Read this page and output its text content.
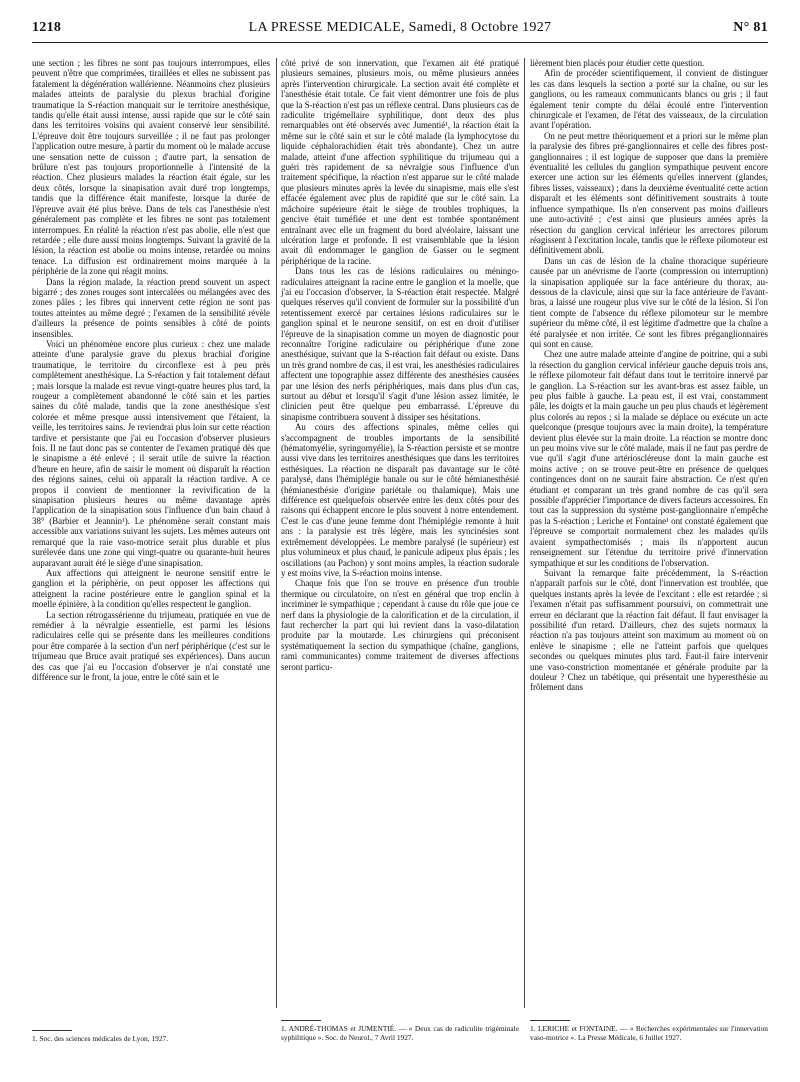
1218	LA PRESSE MEDICALE, Samedi, 8 Octobre 1927	N° 81

une section ; les fibres ne sont pas toujours interrompues, elles peuvent n'être que comprimées, tiraillées et elles ne subissent pas fatalement la dégénération wallérienne. Néanmoins chez plusieurs malades atteints de paralysie du plexus brachial d'origine traumatique la S-réaction manquait sur le territoire anesthésique, tandis qu'elle était aussi intense, aussi rapide que sur le côté sain dans les territoires voisins qui avaient conservé leur sensibilité. L'épreuve doit être toujours surveillée ; il ne faut pas prolonger l'application outre mesure, à partir du moment où le malade accuse une sensation nette de cuisson ; d'autre part, la sensation de brûlure n'est pas toujours proportionnelle à l'intensité de la réaction. Chez plusieurs malades la réaction était égale, sur les deux côtés, lorsque la sinapisation avait duré trop longtemps, tandis que la différence était manifeste, lorsque la durée de l'épreuve avait été plus brève. Dans de tels cas l'anesthésie n'est généralement pas complète et les fibres ne sont pas totalement interrompues. En réalité la réaction n'est pas abolie, elle n'est que retardée ; elle dure aussi moins longtemps. Suivant la gravité de la lésion, la réaction est abolie ou moins intense, retardée ou moins tenace. La diffusion est ordinairement moins marquée à la périphérie de la zone qui réagit moins.

Dans la région malade, la réaction prend souvent un aspect bigarré ; des zones rouges sont intercalées ou mélangées avec des zones pâles ; les fibres qui innervent cette région ne sont pas toutes atteintes au même degré ; l'examen de la sensibilité révèle d'ailleurs la présence de points sensibles à côté de points insensibles.

Voici un phénomène encore plus curieux : chez une malade atteinte d'une paralysie grave du plexus brachial d'origine traumatique, le territoire du circonflexe est à peu près complètement anesthésique. La S-réaction y fait totalement défaut ; mais lorsque la malade est revue vingt-quatre heures plus tard, la rougeur a complètement abandonné le côté sain et les parties saines du côté malade, tandis que la zone anesthésique s'est colorée et même presque aussi intensivement que l'étaient, la veille, les territoires sains. Je reviendrai plus loin sur cette réaction tardive et persistante que j'ai eu l'occasion d'observer plusieurs fois. Il ne faut donc pas se contenter de l'examen pratiqué dès que le sinapisme a été enlevé ; il serait utile de suivre la réaction d'heure en heure, afin de saisir le moment où disparaît la réaction des régions saines, celui où apparaît la réaction tardive. A ce propos il convient de mentionner la revivification de la sinapisation plusieurs heures ou même davantage après l'application de la sinapisation sous l'influence d'un bain chaud à 38° (Barbier et Jeannin¹). Le phénomène serait constant mais accessible aux variations suivant les sujets. Les mêmes auteurs ont remarqué que la raie vaso-motrice serait plus durable et plus surélevée dans une zone qui vingt-quatre ou quarante-huit heures auparavant aurait été le siège d'une sinapisation.

Aux affections qui atteignent le neurone sensitif entre le ganglion et la périphérie, on peut opposer les affections qui atteignent la racine postérieure entre le ganglion spinal et la moelle épinière, à la condition qu'elles respectent le ganglion.

La section rétrogassérienne du trijumeau, pratiquée en vue de remédier à la névralgie essentielle, est parmi les lésions radiculaires celle qui se présente dans les meilleures conditions pour être comparée à la section d'un nerf périphérique (c'est sur le trijumeau que Bruce avait pratiqué ses expériences). Dans aucun des cas que j'ai eu l'occasion d'observer je n'ai constaté une différence sur le front, la joue, entre le côté sain et le

côté privé de son innervation, que l'examen ait été pratiqué plusieurs semaines, plusieurs mois, ou même plusieurs années après l'intervention chirurgicale. La section avait été complète et l'anesthésie était totale. Ce fait vient démontrer une fois de plus que la S-réaction n'est pas un réflexe central. Dans plusieurs cas de radiculite trigémellaire syphilitique, dont deux des plus remarquables ont été observés avec Jumentié¹, la réaction était la même sur le côté sain et sur le côté malade (la lymphocytose du liquide céphalorachidien était très abondante). Chez un autre malade, atteint d'une affection syphilitique du trijumeau qui a guéri très rapidement de sa névralgie sous l'influence d'un traitement spécifique, la réaction n'est apparue sur le côté malade que plusieurs minutes après la levée du sinapisme, mais elle s'est effacée également avec plus de rapidité que sur le côté sain. La mâchoire supérieure était le siège de troubles trophiques, la gencive était tuméfiée et une dent est tombée spontanément entraînant avec elle un fragment du bord alvéolaire, laissant une ulcération large et profonde. Il est vraisemblable que la lésion avait dû endommager le ganglion de Gasser ou le segment périphérique de la racine.

Dans tous les cas de lésions radiculaires ou méningo-radiculaires atteignant la racine entre le ganglion et la moelle, que j'ai eu l'occasion d'observer, la S-réaction était respectée. Malgré quelques réserves qu'il convient de formuler sur la possibilité d'un retentissement exercé par certaines lésions radiculaires sur le ganglion spinal et le neurone sensitif, on est en droit d'utiliser l'épreuve de la sinapisation comme un moyen de diagnostic pour reconnaître l'origine radiculaire ou périphérique d'une zone anesthésique, suivant que la S-réaction fait défaut ou existe. Dans un très grand nombre de cas, il est vrai, les anesthésies radiculaires affectent une topographie assez différente des anesthésies causées par une lésion des nerfs périphériques, mais dans plus d'un cas, surtout au début et lorsqu'il s'agit d'une lésion assez limitée, le clinicien peut être quelque peu embarrassé. L'épreuve du sinapisme contribuera souvent à dissiper ses hésitations.

Au cours des affections spinales, même celles qui s'accompagnent de troubles importants de la sensibilité (hématomyélie, syringomyélie), la S-réaction persiste et se montre aussi vive dans les territoires anesthésiques que dans les territoires esthésiques. La réaction ne disparaît pas davantage sur le côté paralysé, dans l'hémiplégie banale ou sur le côté hémianesthésié (hémianesthésie d'origine pariétale ou thalamique). Mais une différence est quelquefois observée entre les deux côtés pour des raisons qui échappent encore le plus souvent à notre entendement. C'est le cas d'une jeune femme dont l'hémiplégie remonte à huit ans : la paralysie est très légère, mais les syncinésies sont extrêmement développées. Le membre paralysé (le supérieur) est plus volumineux et plus chaud, le panicule adipeux plus épais ; les oscillations (au Pachon) y sont moins amples, la réaction sudorale y est moins vive, la S-réaction moins intense.

Chaque fois que l'on se trouve en présence d'un trouble thermique ou circulatoire, on n'est en général que trop enclin à incriminer le sympathique ; cependant à cause du rôle que joue ce nerf dans la physiologie de la calorification et de la circulation, il faut rechercher la part qui lui revient dans la vaso-dilatation produite par la moutarde. Les chirurgiens qui préconisent systématiquement la section du sympathique (chaîne, ganglions, rami communicantes) comme traitement de diverses affections seront particu-

lièrement bien placés pour étudier cette question.

Afin de procéder scientifiquement, il convient de distinguer les cas dans lesquels la section a porté sur la chaîne, ou sur les ganglions, ou les rameaux communicants blancs ou gris ; il faut également tenir compte du délai écoulé entre l'intervention chirurgicale et l'examen, de l'état des vaisseaux, de la circulation avant l'opération.

On ne peut mettre théoriquement et a priori sur le même plan la paralysie des fibres pré-ganglionnaires et celle des fibres post-ganglionnaires ; il est logique de supposer que dans la première éventualité les cellules du ganglion sympathique peuvent encore exercer une action sur les éléments qu'elles innervent (glandes, fibres lisses, vaisseaux) ; dans la deuxième éventualité cette action disparaît et les éléments sont définitivement soustraits à toute influence sympathique. Ils n'en conservent pas moins d'ailleurs une auto-activité ; c'est ainsi que plusieurs années après la résection du ganglion cervical inférieur les arrectores pilorum réagissent à l'excitation locale, tandis que le réflexe pilomoteur est définitivement aboli.

Dans un cas de lésion de la chaîne thoracique supérieure causée par un anévrisme de l'aorte (compression ou interruption) la sinapisation appliquée sur la face antérieure du thorax, au-dessous de la clavicule, ainsi que sur la face antérieure de l'avant-bras, a laissé une rougeur plus vive sur le côté de la lésion. Si l'on tient compte de l'absence du réflexe pilomoteur sur le membre supérieur du même côté, il est légitime d'admettre que la chaîne a été paralysée et non irritée. Ce sont les fibres préganglionnaires qui sont en cause.

Chez une autre malade atteinte d'angine de poitrine, qui a subi la résection du ganglion cervical inférieur gauche depuis trois ans, le réflexe pilomoteur fait défaut dans tout le territoire innervé par le ganglion. La S-réaction sur les avant-bras est assez faible, un peu plus faible à gauche. La peau est, il est vrai, constamment pâle, les doigts et la main gauche un peu plus chauds et légèrement plus colorés au repos ; si la malade se déplace ou exécute un acte quelconque (presque toujours avec la main droite), la température devient plus élevée sur la main droite. La réaction se montre donc un peu moins vive sur le côté malade, mais il ne faut pas perdre de vue qu'il s'agit d'une artérioscléreuse dont la main gauche est moins active ; on se trouve peut-être en présence de quelques contingences dont on ne saurait faire abstraction. Ce n'est qu'en étudiant et comparant un très grand nombre de cas qu'il sera possible d'apprécier l'importance de divers facteurs accessoires. En tout cas la suppression du système post-ganglionnaire n'empêche pas la S-réaction ; Leriche et Fontaine¹ ont constaté également que l'épreuve se comportait normalement chez les malades qu'ils avaient sympathectomisés ; mais ils n'apportent aucun renseignement sur l'étendue du territoire privé d'innervation sympathique et sur les conditions de l'observation.

Suivant la remarque faite précédemment, la S-réaction n'apparaît parfois sur le côté, dont l'innervation est troublée, que quelques instants après la levée de l'excitant : elle est retardée ; si l'examen n'était pas suffisamment poursuivi, on commettrait une erreur en déclarant que la réaction fait défaut. Il faut envisager la possibilité d'un retard. D'ailleurs, chez des sujets normaux la réaction n'a pas toujours atteint son maximum au moment où on enlève le sinapisme ; elle ne l'atteint parfois que quelques secondes ou quelques minutes plus tard. Faut-il faire intervenir une vaso-constriction momentanée et générale produite par la douleur ? Chez un tabétique, qui présentait une hyperesthésie au frôlement dans

1. Soc. des sciences médicales de Lyon, 1927.
1. ANDRÉ-THOMAS et JUMENTIÉ. — « Deux cas de radiculite trigéminale syphilitique ». Soc. de Neurol., 7 Avril 1927.
1. LERICHE et FONTAINE. — « Recherches expérimentales sur l'innervation vaso-motrice ». La Presse Médicale, 6 Juillet 1927.
